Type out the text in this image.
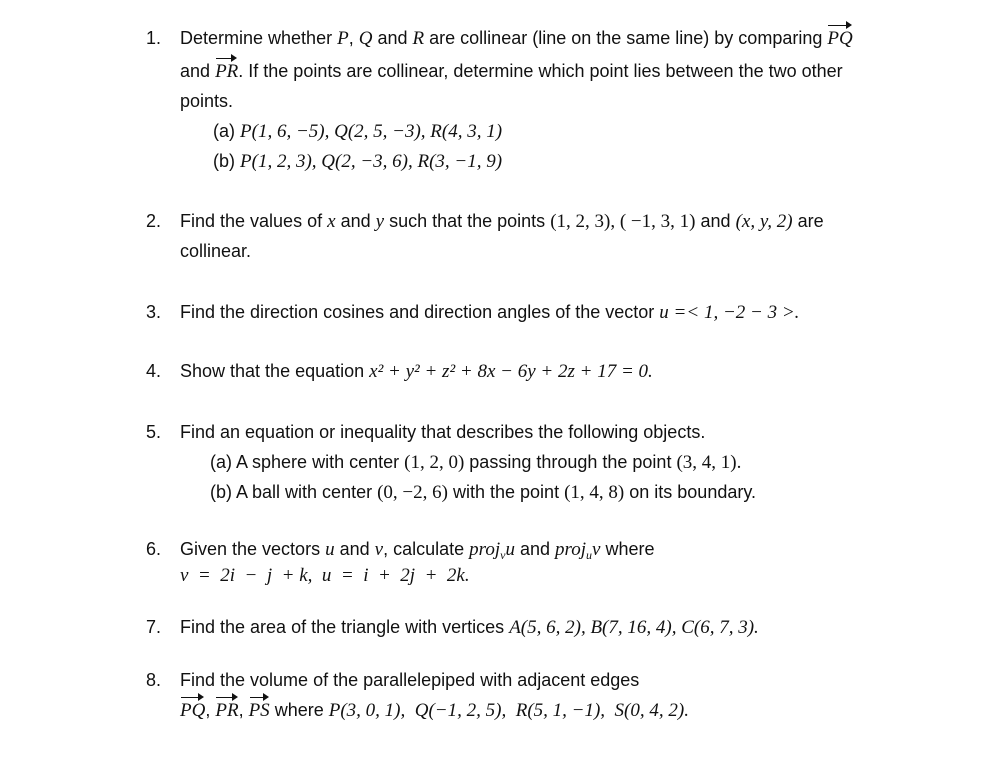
1. Determine whether P, Q and R are collinear (line on the same line) by comparing PQ
and PR. If the points are collinear, determine which point lies between the two other
points.
(a) P(1, 6, −5), Q(2, 5, −3), R(4, 3, 1)
(b) P(1, 2, 3), Q(2, −3, 6), R(3, −1, 9)
2. Find the values of x and y such that the points (1, 2, 3), ( −1, 3, 1) and (x, y, 2) are
collinear.
3. Find the direction cosines and direction angles of the vector u =< 1, −2 − 3 >.
4. Show that the equation x² + y² + z² + 8x − 6y + 2z + 17 = 0.
5. Find an equation or inequality that describes the following objects.
(a) A sphere with center (1, 2, 0) passing through the point (3, 4, 1).
(b) A ball with center (0, −2, 6) with the point (1, 4, 8) on its boundary.
6. Given the vectors u and v, calculate proj$_v$u and proj$_u$v where
v  =  2i  −  j  + k,  u  =  i  +  2j  +  2k.
7. Find the area of the triangle with vertices A(5, 6, 2), B(7, 16, 4), C(6, 7, 3).
8. Find the volume of the parallelepiped with adjacent edges
PQ, PR, PS where P(3, 0, 1),  Q(−1, 2, 5),  R(5, 1, −1),  S(0, 4, 2).
